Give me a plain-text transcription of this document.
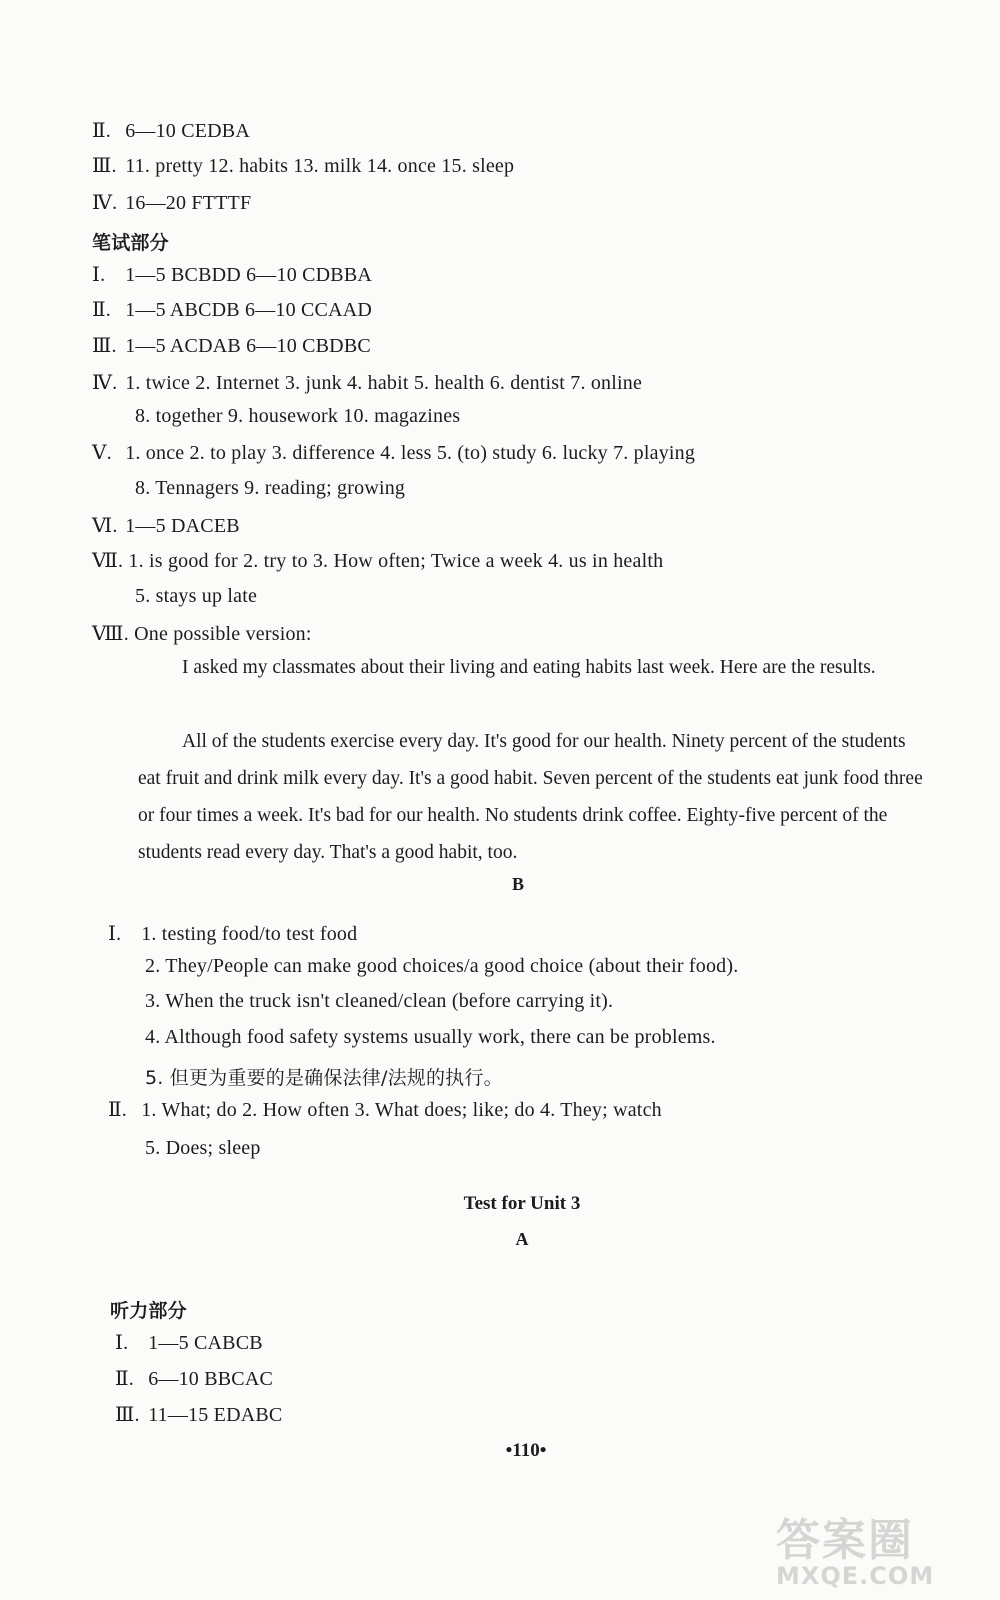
Ⅱ. 6—10 CEDBA
Ⅲ. 11. pretty 12. habits 13. milk 14. once 15. sleep
Ⅳ. 16—20 FTTTF
笔试部分
Ⅰ. 1—5 BCBDD 6—10 CDBBA
Ⅱ. 1—5 ABCDB 6—10 CCAAD
Ⅲ. 1—5 ACDAB 6—10 CBDBC
Ⅳ. 1. twice 2. Internet 3. junk 4. habit 5. health 6. dentist 7. online
8. together 9. housework 10. magazines
Ⅴ. 1. once 2. to play 3. difference 4. less 5. (to) study 6. lucky 7. playing
8. Tennagers 9. reading; growing
Ⅵ. 1—5 DACEB
Ⅶ. 1. is good for 2. try to 3. How often; Twice a week 4. us in health
5. stays up late
Ⅷ. One possible version:
I asked my classmates about their living and eating habits last week. Here are the results.
All of the students exercise every day. It's good for our health. Ninety percent of the students eat fruit and drink milk every day. It's a good habit. Seven percent of the students eat junk food three or four times a week. It's bad for our health. No students drink coffee. Eighty-five percent of the students read every day. That's a good habit, too.
B
Ⅰ. 1. testing food/to test food
2. They/People can make good choices/a good choice (about their food).
3. When the truck isn't cleaned/clean (before carrying it).
4. Although food safety systems usually work, there can be problems.
5. 但更为重要的是确保法律/法规的执行。
Ⅱ. 1. What; do 2. How often 3. What does; like; do 4. They; watch
5. Does; sleep
Test for Unit 3
A
听力部分
Ⅰ. 1—5 CABCB
Ⅱ. 6—10 BBCAC
Ⅲ. 11—15 EDABC
•110•
答案圈
MXQE.COM
